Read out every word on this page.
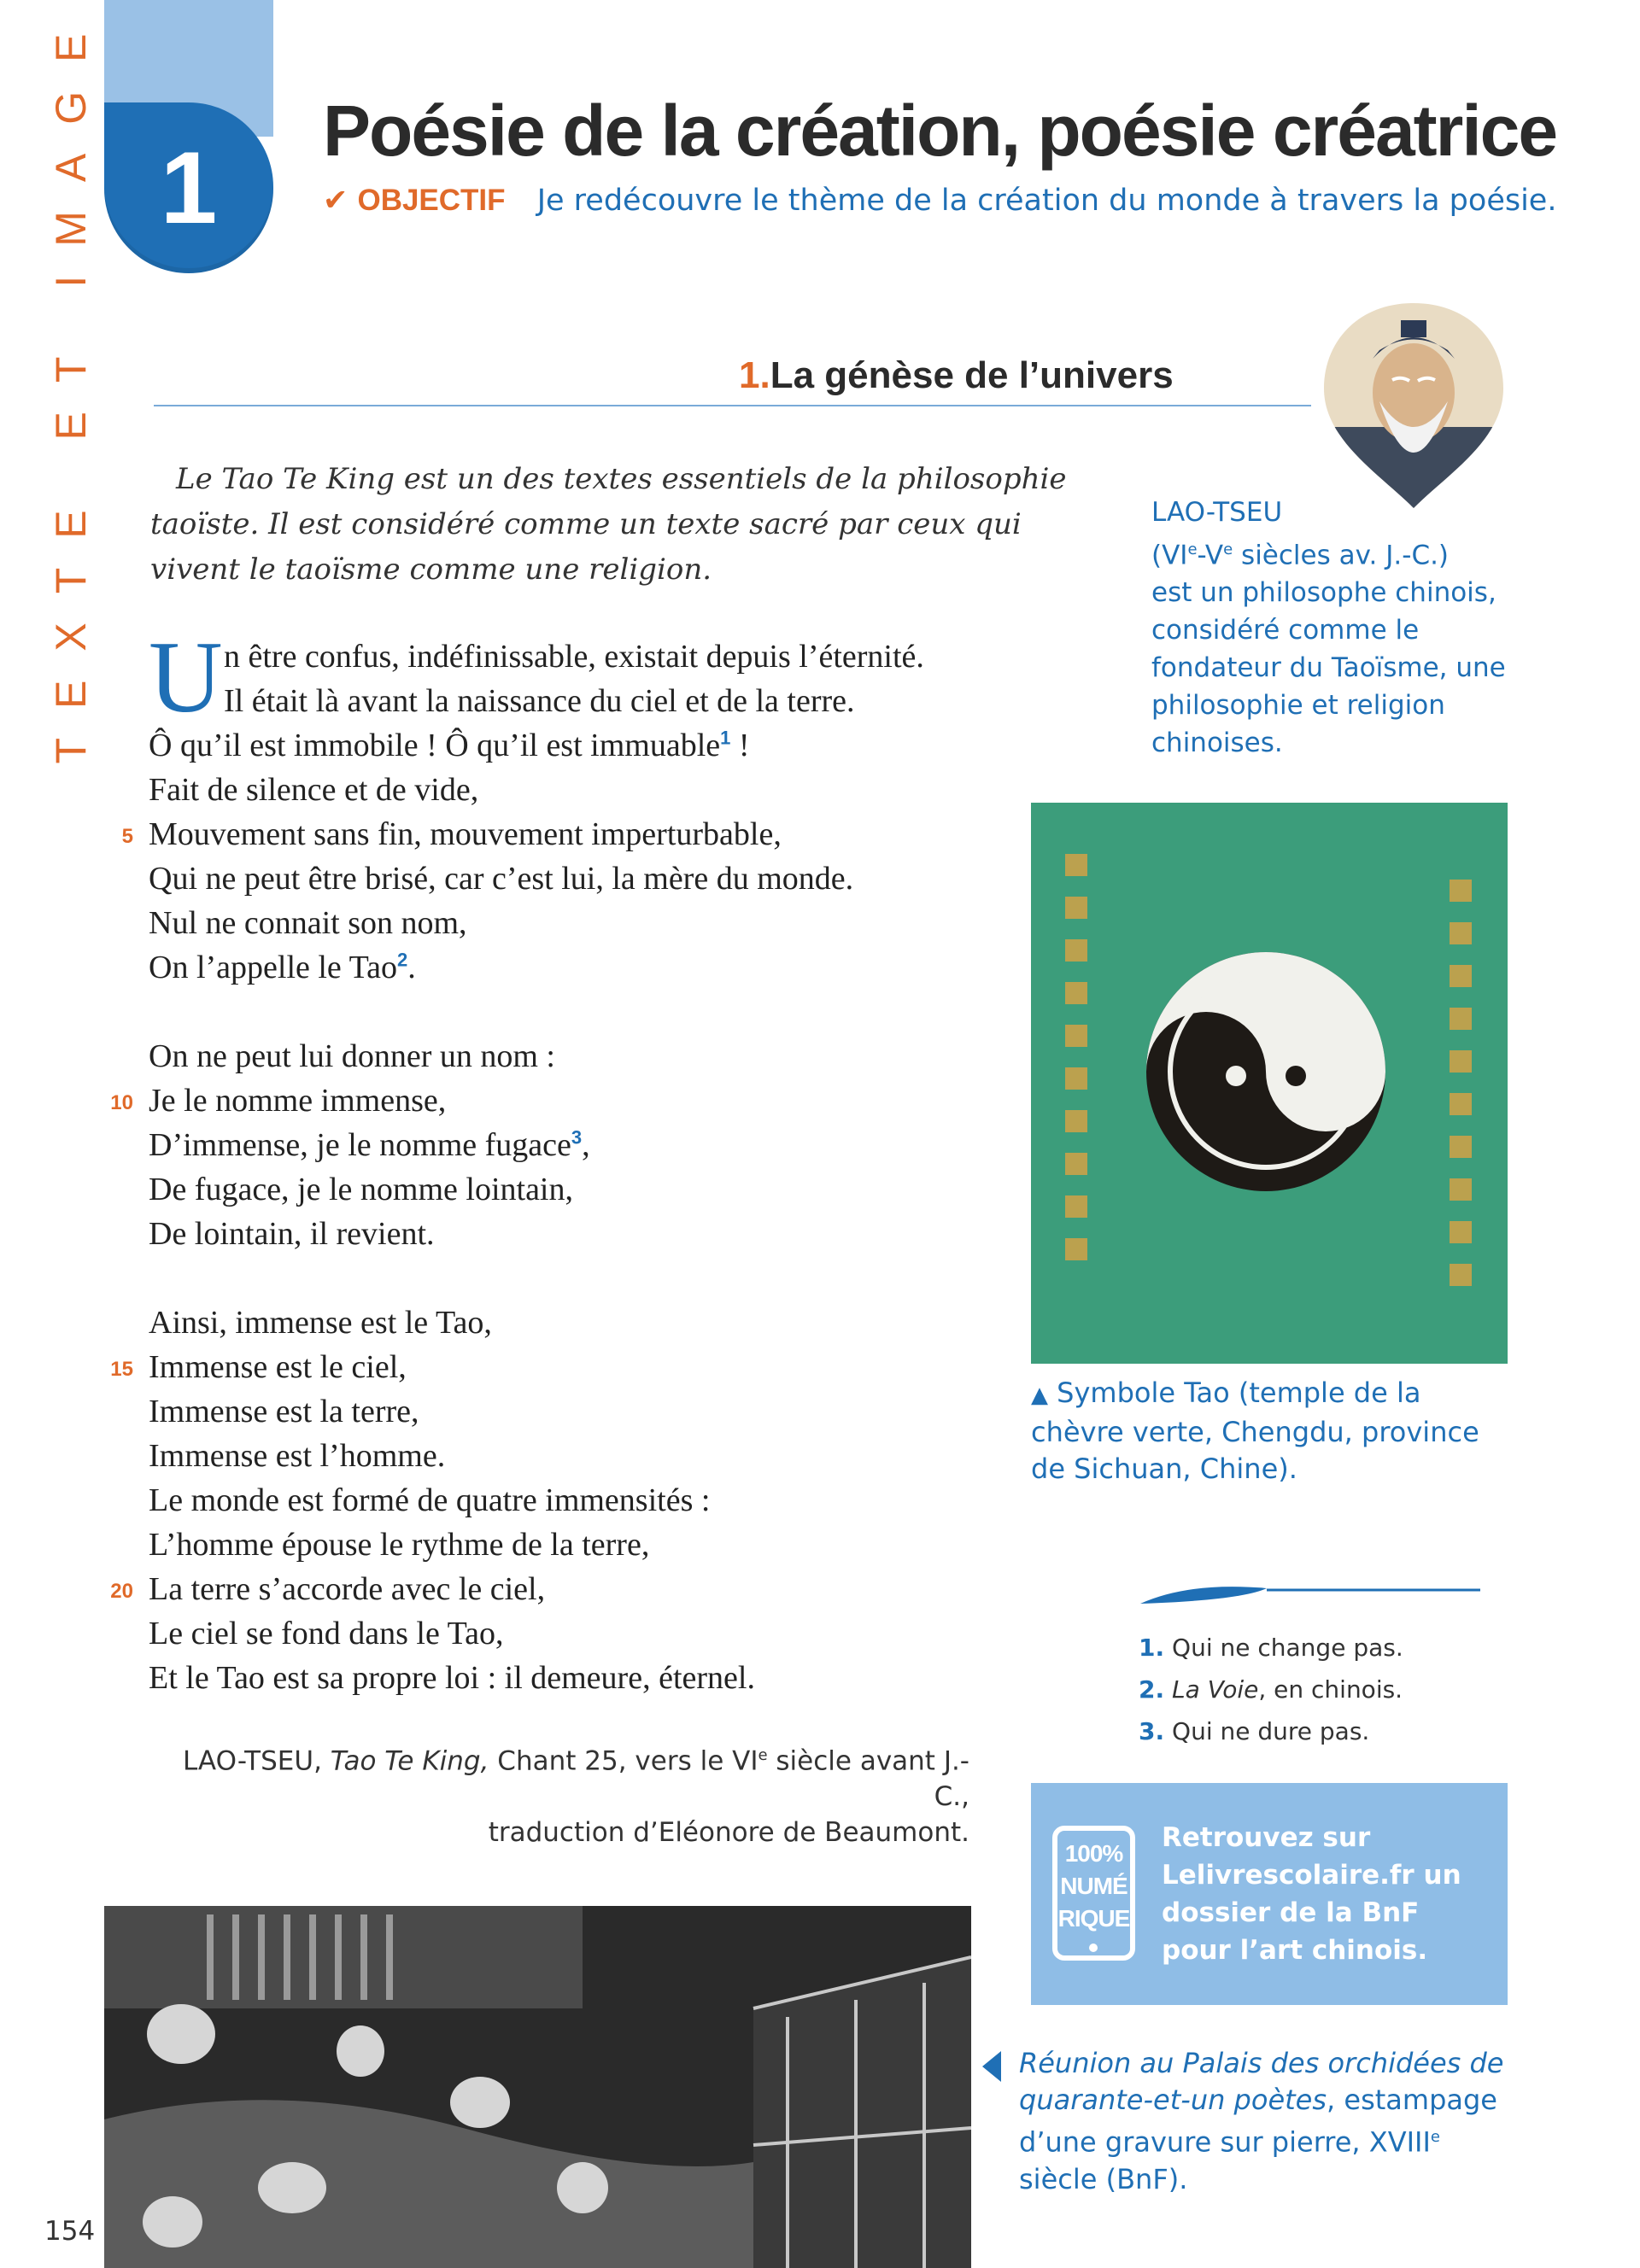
TEXTE ET IMAGE 1	Poésie de la création, poésie créatrice
✔ OBJECTIF Je redécouvre le thème de la création du monde à travers la poésie.
1.La génèse de l’univers
LAO-TSEU
(VIe-Ve siècles av. J.-C.)
est un philosophe chinois, considéré comme le fondateur du Taoïsme, une philosophie et religion chinoises.

Le Tao Te King est un des textes essentiels de la philosophie taoïste. Il est considéré comme un texte sacré par ceux qui vivent le taoïsme comme une religion.

U n être confus, indéfinissable, existait depuis l’éternité.
Il était là avant la naissance du ciel et de la terre.
Ô qu’il est immobile ! Ô qu’il est immuable$^1$ !
Fait de silence et de vide,
5 Mouvement sans fin, mouvement imperturbable,
Qui ne peut être brisé, car c’est lui, la mère du monde.
Nul ne connait son nom,
On l’appelle le Tao$^2$.
On ne peut lui donner un nom :
10 Je le nomme immense,
D’immense, je le nomme fugace$^3$,
De fugace, je le nomme lointain,
De lointain, il revient.
Ainsi, immense est le Tao,
15 Immense est le ciel,
Immense est la terre,
Immense est l’homme.
Le monde est formé de quatre immensités :
L’homme épouse le rythme de la terre,
20 La terre s’accorde avec le ciel,
Le ciel se fond dans le Tao,
Et le Tao est sa propre loi : il demeure, éternel.
LAO-TSEU, Tao Te King, Chant 25, vers le VIe siècle avant J.-C.,
traduction d’Eléonore de Beaumont.
▲ Symbole Tao (temple de la chèvre verte, Chengdu, province de Sichuan, Chine).
1. Qui ne change pas.
2. La Voie, en chinois.
3. Qui ne dure pas.
100%
NUMÉ
RIQUE
Retrouvez sur Lelivrescolaire.fr un dossier de la BnF pour l’art chinois.
Réunion au Palais des orchidées de quarante-et-un poètes, estampage d’une gravure sur pierre, XVIIIe siècle (BnF).
154
